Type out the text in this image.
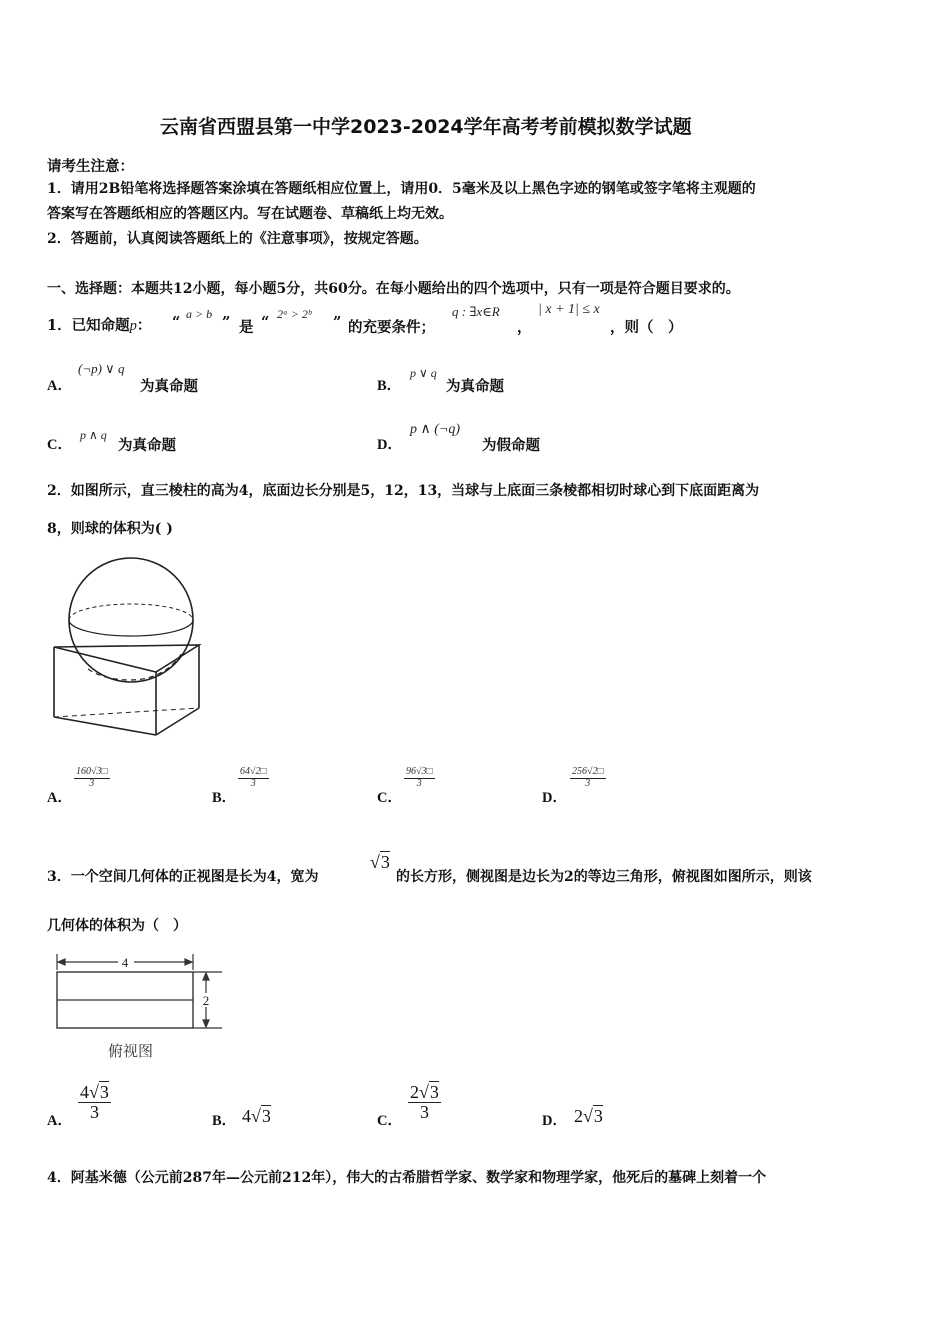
云南省西盟县第一中学2023-2024学年高考考前模拟数学试题
请考生注意：
1．请用2B铅笔将选择题答案涂填在答题纸相应位置上，请用0．5毫米及以上黑色字迹的钢笔或签字笔将主观题的
答案写在答题纸相应的答题区内。写在试题卷、草稿纸上均无效。
2．答题前，认真阅读答题纸上的《注意事项》，按规定答题。
一、选择题：本题共12小题，每小题5分，共60分。在每小题给出的四个选项中，只有一项是符合题目要求的。
1．已知命题p： “ a > b ” 是 “ 2ᵃ > 2ᵇ ” 的充要条件；
q : ∃x∈R
，
| x + 1| ≤ x
，则（　）
A．
(¬p) ∨ q
为真命题	B．
p ∨ q
为真命题
C．
p ∧ q
为真命题	D．
p ∧ (¬q)
为假命题
2．如图所示，直三棱柱的高为4，底面边长分别是5，12，13，当球与上底面三条棱都相切时球心到下底面距离为
8，则球的体积为( )
A．
$\frac{160√3□}{3}$
B．
$\frac{64√2□}{3}$
C．
$\frac{96√3□}{3}$
D．
$\frac{256√2□}{3}$
3．一个空间几何体的正视图是长为4，宽为
√3
的长方形，侧视图是边长为2的等边三角形，俯视图如图所示，则该
几何体的体积为（　）
4
2
俯视图
A． $\frac{4√3}{3}$	B． 4√3	C． $\frac{2√3}{3}$	D． 2√3
4．阿基米德（公元前287年—公元前212年），伟大的古希腊哲学家、数学家和物理学家，他死后的墓碑上刻着一个
